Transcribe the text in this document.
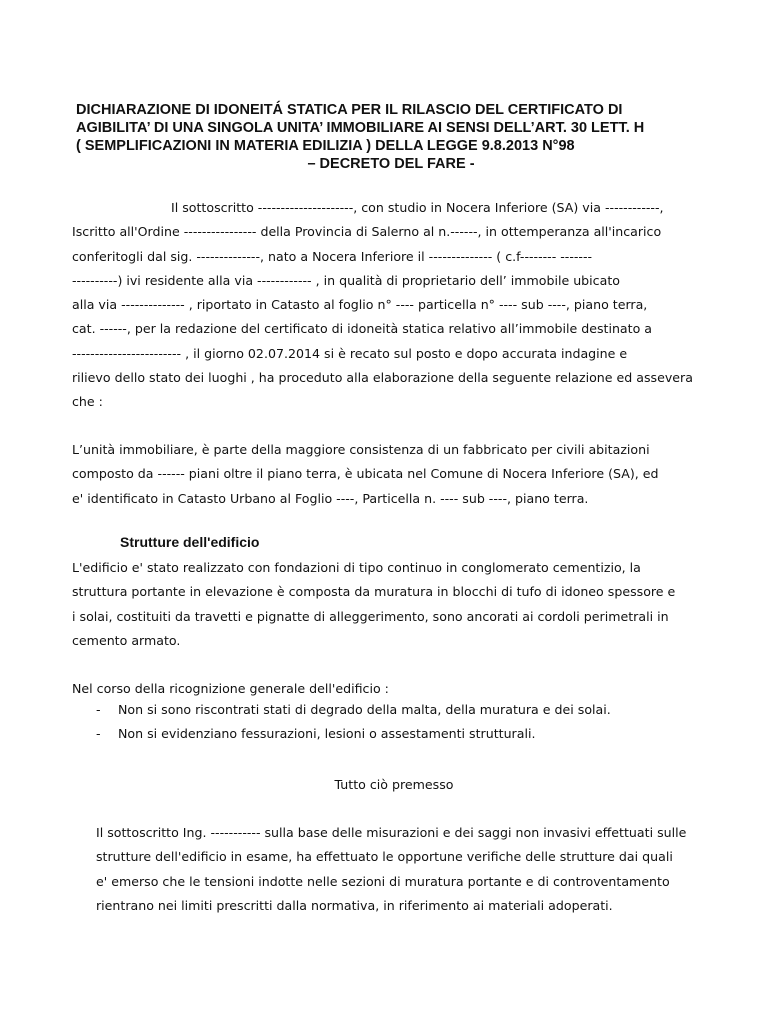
DICHIARAZIONE DI IDONEITÁ STATICA PER IL RILASCIO DEL CERTIFICATO DI
AGIBILITA’ DI UNA SINGOLA UNITA’ IMMOBILIARE AI SENSI DELL’ART. 30 LETT. H
( SEMPLIFICAZIONI IN MATERIA EDILIZIA ) DELLA LEGGE 9.8.2013 N°98
– DECRETO DEL FARE -
Il sottoscritto ---------------------, con studio in Nocera Inferiore (SA) via ------------,
Iscritto all'Ordine ---------------- della Provincia di Salerno al n.------, in ottemperanza all'incarico
conferitogli dal sig. --------------, nato a Nocera Inferiore il -------------- ( c.f-------- -------
----------) ivi residente alla via ------------ , in qualità di proprietario dell’ immobile ubicato
alla via -------------- , riportato in Catasto al foglio n° ---- particella n° ---- sub ----, piano terra,
cat. ------, per la redazione del certificato di idoneità statica relativo all’immobile destinato a
------------------------ , il giorno 02.07.2014 si è recato sul posto e dopo accurata indagine e
rilievo dello stato dei luoghi , ha proceduto alla elaborazione della seguente relazione ed assevera
che :
L’unità immobiliare, è parte della maggiore consistenza di un fabbricato per civili abitazioni
composto da ------ piani oltre il piano terra, è ubicata nel Comune di Nocera Inferiore (SA), ed
e' identificato in Catasto Urbano al Foglio ----, Particella n. ---- sub ----, piano terra.
Strutture dell'edificio
L'edificio e' stato realizzato con fondazioni di tipo continuo in conglomerato cementizio, la
struttura portante in elevazione è composta da muratura in blocchi di tufo di idoneo spessore e
i solai, costituiti da travetti e pignatte di alleggerimento, sono ancorati ai cordoli perimetrali in
cemento armato.
Nel corso della ricognizione generale dell'edificio :
-	Non si sono riscontrati stati di degrado della malta, della muratura e dei solai.
-	Non si evidenziano fessurazioni, lesioni o assestamenti strutturali.
Tutto ciò premesso
Il sottoscritto Ing. ----------- sulla base delle misurazioni e dei saggi non invasivi effettuati sulle
strutture dell'edificio in esame, ha effettuato le opportune verifiche delle strutture dai quali
e' emerso che le tensioni indotte nelle sezioni di muratura portante e di controventamento
rientrano nei limiti prescritti dalla normativa, in riferimento ai materiali adoperati.
